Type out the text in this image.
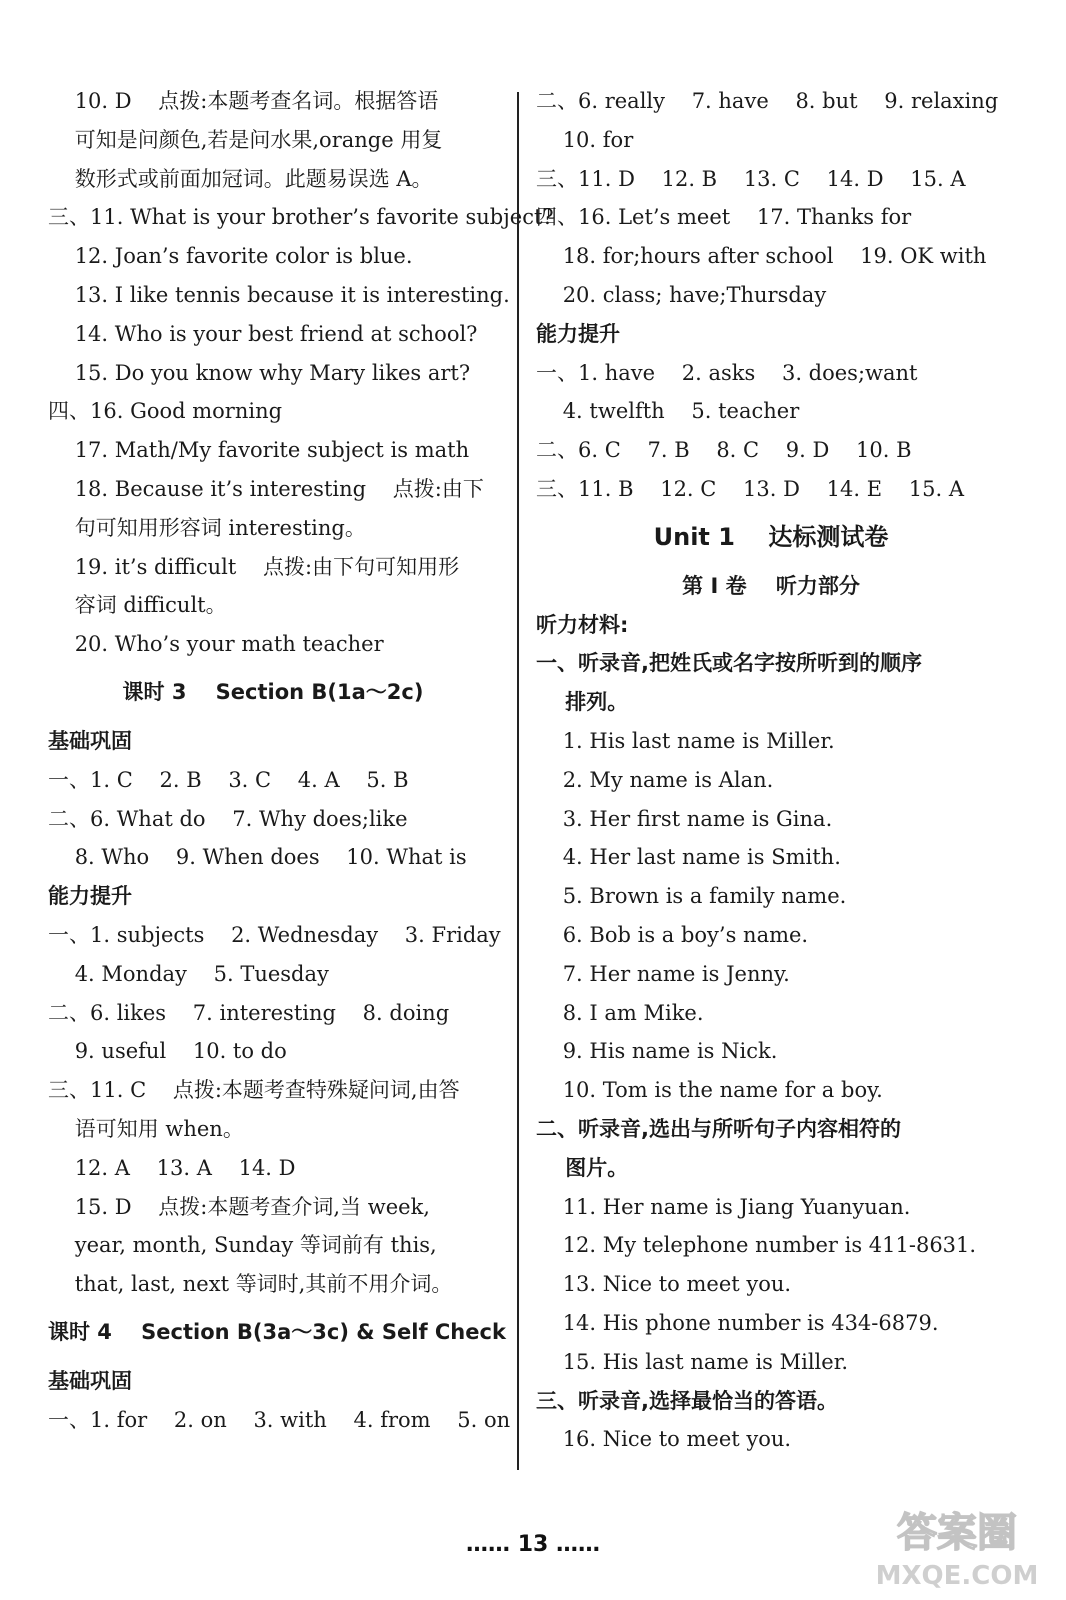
10. D    点拨:本题考查名词。根据答语
可知是问颜色,若是问水果,orange 用复
数形式或前面加冠词。此题易误选 A。
三、11. What is your brother’s favorite subject?
12. Joan’s favorite color is blue.
13. I like tennis because it is interesting.
14. Who is your best friend at school?
15. Do you know why Mary likes art?
四、16. Good morning
17. Math/My favorite subject is math
18. Because it’s interesting    点拨:由下
句可知用形容词 interesting。
19. it’s difficult    点拨:由下句可知用形
容词 difficult。
20. Who’s your math teacher
课时 3    Section B(1a～2c)
基础巩固
一、1. C    2. B    3. C    4. A    5. B
二、6. What do    7. Why does;like
8. Who    9. When does    10. What is
能力提升
一、1. subjects    2. Wednesday    3. Friday
4. Monday    5. Tuesday
二、6. likes    7. interesting    8. doing
9. useful    10. to do
三、11. C    点拨:本题考查特殊疑问词,由答
语可知用 when。
12. A    13. A    14. D
15. D    点拨:本题考查介词,当 week,
year, month, Sunday 等词前有 this,
that, last, next 等词时,其前不用介词。
课时 4    Section B(3a～3c) & Self Check
基础巩固
一、1. for    2. on    3. with    4. from    5. on
二、6. really    7. have    8. but    9. relaxing
10. for
三、11. D    12. B    13. C    14. D    15. A
四、16. Let’s meet    17. Thanks for
18. for;hours after school    19. OK with
20. class; have;Thursday
能力提升
一、1. have    2. asks    3. does;want
4. twelfth    5. teacher
二、6. C    7. B    8. C    9. D    10. B
三、11. B    12. C    13. D    14. E    15. A
Unit 1    达标测试卷
第 I 卷    听力部分
听力材料:
一、听录音,把姓氏或名字按所听到的顺序
排列。
1. His last name is Miller.
2. My name is Alan.
3. Her first name is Gina.
4. Her last name is Smith.
5. Brown is a family name.
6. Bob is a boy’s name.
7. Her name is Jenny.
8. I am Mike.
9. His name is Nick.
10. Tom is the name for a boy.
二、听录音,选出与所听句子内容相符的
图片。
11. Her name is Jiang Yuanyuan.
12. My telephone number is 411-8631.
13. Nice to meet you.
14. His phone number is 434-6879.
15. His last name is Miller.
三、听录音,选择最恰当的答语。
16. Nice to meet you.
…… 13 ……	答案圈
MXQE.COM
